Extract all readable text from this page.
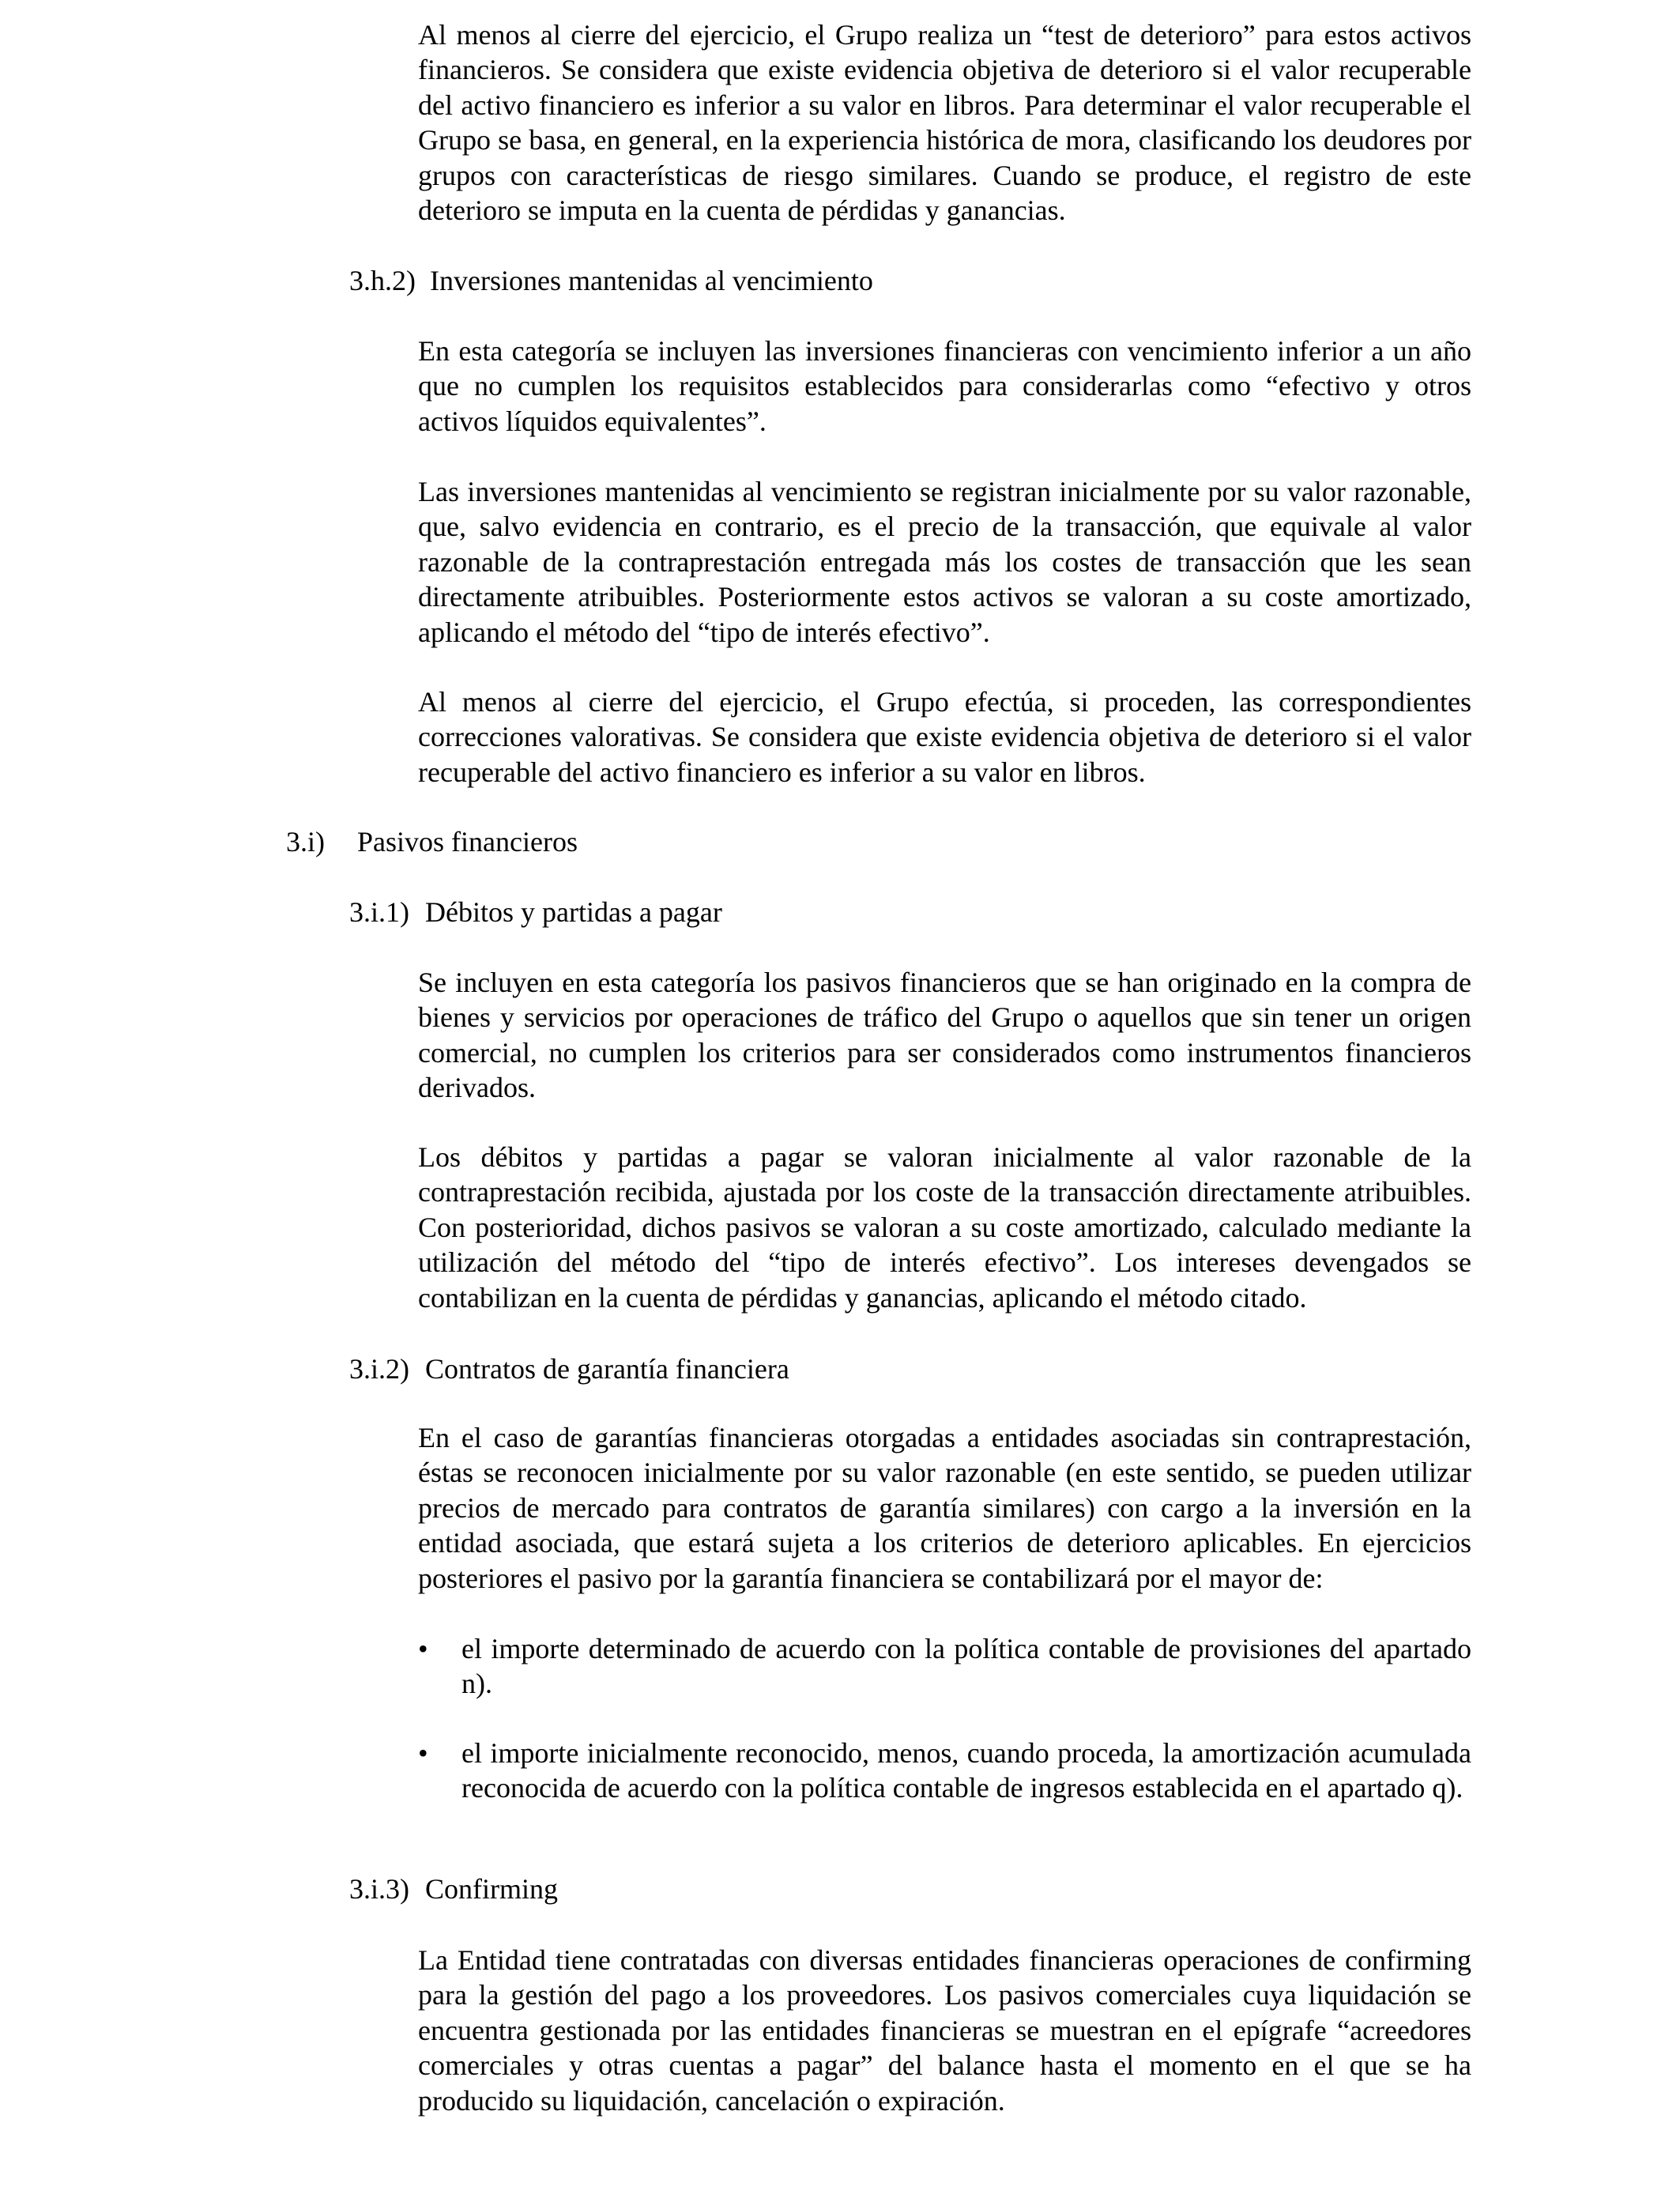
Al menos al cierre del ejercicio, el Grupo realiza un “test de deterioro” para estos activos financieros. Se considera que existe evidencia objetiva de deterioro si el valor recuperable del activo financiero es inferior a su valor en libros. Para determinar el valor recuperable el Grupo se basa, en general, en la experiencia histórica de mora, clasificando los deudores por grupos con características de riesgo similares. Cuando se produce, el registro de este deterioro se imputa en la cuenta de pérdidas y ganancias.

3.h.2) Inversiones mantenidas al vencimiento

En esta categoría se incluyen las inversiones financieras con vencimiento inferior a un año que no cumplen los requisitos establecidos para considerarlas como “efectivo y otros activos líquidos equivalentes”.

Las inversiones mantenidas al vencimiento se registran inicialmente por su valor razonable, que, salvo evidencia en contrario, es el precio de la transacción, que equivale al valor razonable de la contraprestación entregada más los costes de transacción que les sean directamente atribuibles. Posteriormente estos activos se valoran a su coste amortizado, aplicando el método del “tipo de interés efectivo”.

Al menos al cierre del ejercicio, el Grupo efectúa, si proceden, las correspondientes correcciones valorativas. Se considera que existe evidencia objetiva de deterioro si el valor recuperable del activo financiero es inferior a su valor en libros.

3.i) Pasivos financieros
3.i.1) Débitos y partidas a pagar

Se incluyen en esta categoría los pasivos financieros que se han originado en la compra de bienes y servicios por operaciones de tráfico del Grupo o aquellos que sin tener un origen comercial, no cumplen los criterios para ser considerados como instrumentos financieros derivados.

Los débitos y partidas a pagar se valoran inicialmente al valor razonable de la contraprestación recibida, ajustada por los coste de la transacción directamente atribuibles. Con posterioridad, dichos pasivos se valoran a su coste amortizado, calculado mediante la utilización del método del “tipo de interés efectivo”. Los intereses devengados se contabilizan en la cuenta de pérdidas y ganancias, aplicando el método citado.

3.i.2) Contratos de garantía financiera

En el caso de garantías financieras otorgadas a entidades asociadas sin contraprestación, éstas se reconocen inicialmente por su valor razonable (en este sentido, se pueden utilizar precios de mercado para contratos de garantía similares) con cargo a la inversión en la entidad asociada, que estará sujeta a los criterios de deterioro aplicables. En ejercicios posteriores el pasivo por la garantía financiera se contabilizará por el mayor de:

•	el importe determinado de acuerdo con la política contable de provisiones del apartado n).
•	el importe inicialmente reconocido, menos, cuando proceda, la amortización acumulada reconocida de acuerdo con la política contable de ingresos establecida en el apartado q).
3.i.3) Confirming

La Entidad tiene contratadas con diversas entidades financieras operaciones de confirming para la gestión del pago a los proveedores. Los pasivos comerciales cuya liquidación se encuentra gestionada por las entidades financieras se muestran en el epígrafe “acreedores comerciales y otras cuentas a pagar” del balance hasta el momento en el que se ha producido su liquidación, cancelación o expiración.
